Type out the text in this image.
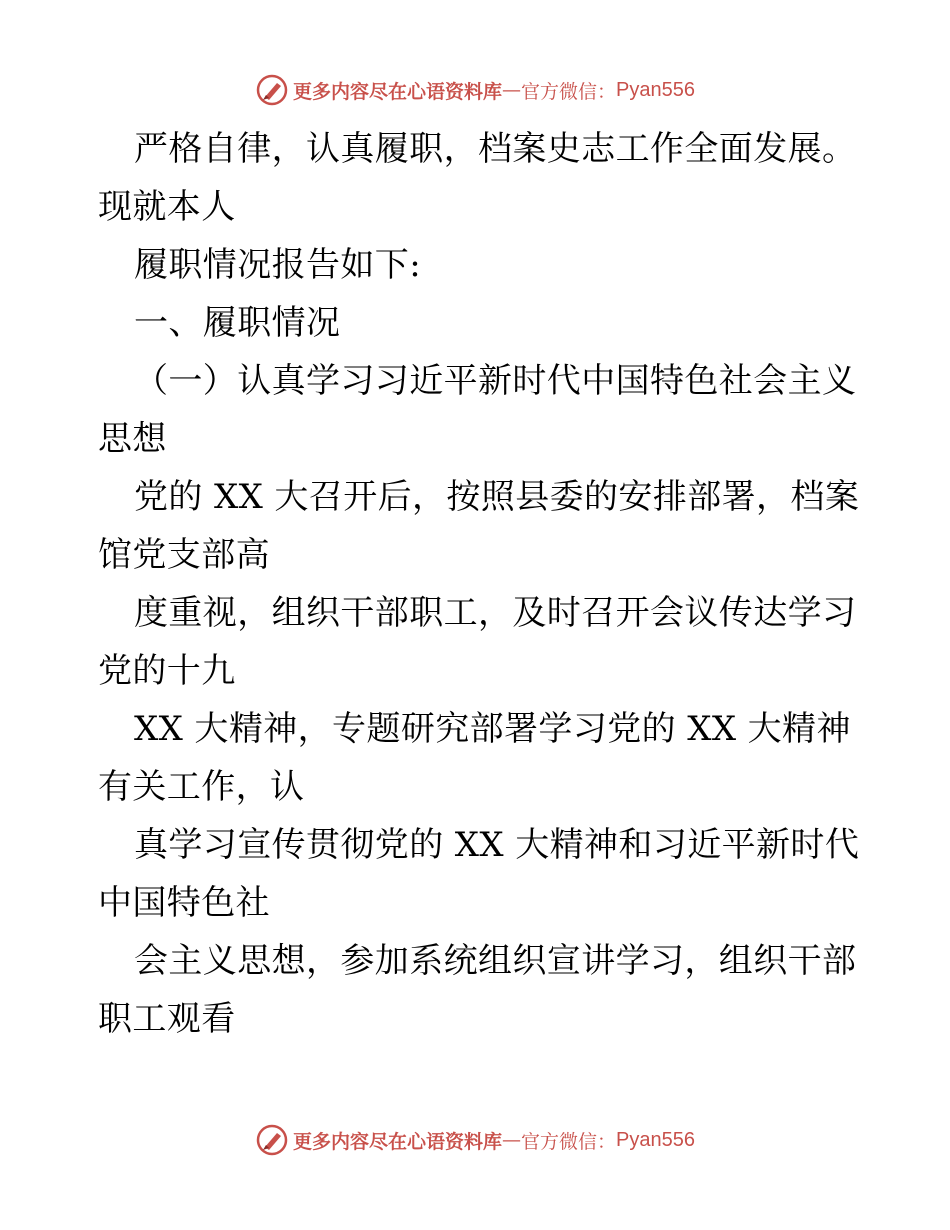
更多内容尽在心语资料库 — 官方微信： Pyan556
严格自律，认真履职，档案史志工作全面发展。
现就本人
履职情况报告如下:
一、履职情况
（一）认真学习习近平新时代中国特色社会主义
思想
党的 XX 大召开后，按照县委的安排部署，档案
馆党支部高
度重视，组织干部职工，及时召开会议传达学习
党的十九
XX 大精神，专题研究部署学习党的 XX 大精神
有关工作，认
真学习宣传贯彻党的 XX 大精神和习近平新时代
中国特色社
会主义思想，参加系统组织宣讲学习，组织干部
职工观看
更多内容尽在心语资料库 — 官方微信： Pyan556
